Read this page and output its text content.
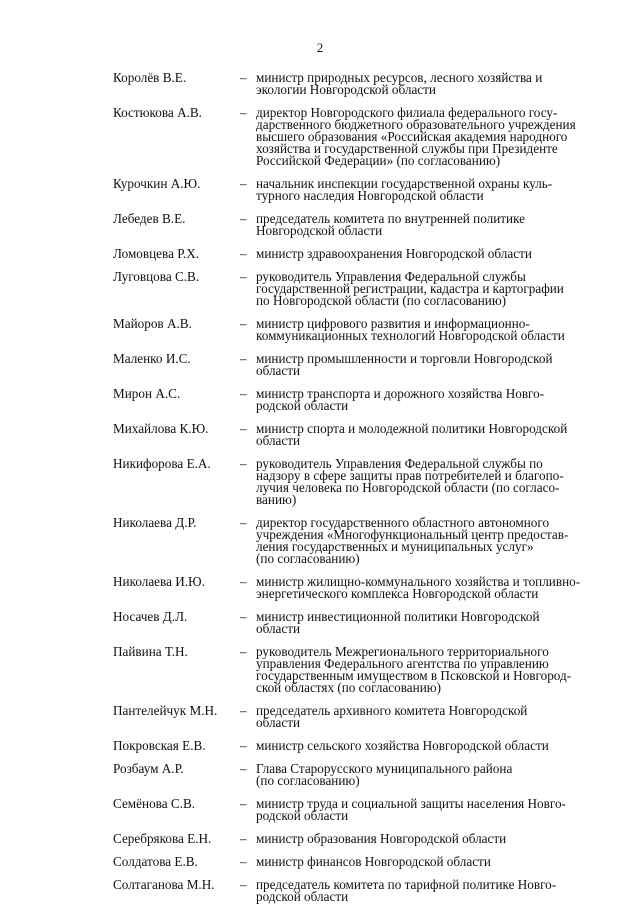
2
Королёв В.Е.	– министр природных ресурсов, лесного хозяйства и
экологии Новгородской области
Костюкова А.В.	– директор Новгородского филиала федерального госу-
дарственного бюджетного образовательного учреждения
высшего образования «Российская академия народного
хозяйства и государственной службы при Президенте
Российской Федерации» (по согласованию)
Курочкин А.Ю.	– начальник инспекции государственной охраны куль-
турного наследия Новгородской области
Лебедев В.Е.	– председатель комитета по внутренней политике
Новгородской области
Ломовцева Р.Х.	– министр здравоохранения Новгородской области
Луговцова С.В.	– руководитель Управления Федеральной службы
государственной регистрации, кадастра и картографии
по Новгородской области (по согласованию)
Майоров А.В.	– министр цифрового развития и информационно-
коммуникационных технологий Новгородской области
Маленко И.С.	– министр промышленности и торговли Новгородской
области
Мирон А.С.	– министр транспорта и дорожного хозяйства Новго-
родской области
Михайлова К.Ю.	– министр спорта и молодежной политики Новгородской
области
Никифорова Е.А.	– руководитель Управления Федеральной службы по
надзору в сфере защиты прав потребителей и благопо-
лучия человека по Новгородской области (по согласо-
ванию)
Николаева Д.Р.	– директор государственного областного автономного
учреждения «Многофункциональный центр предостав-
ления государственных и муниципальных услуг»
(по согласованию)
Николаева И.Ю.	– министр жилищно-коммунального хозяйства и топливно-
энергетического комплекса Новгородской области
Носачев Д.Л.	– министр инвестиционной политики Новгородской
области
Пайвина Т.Н.	– руководитель Межрегионального территориального
управления Федерального агентства по управлению
государственным имуществом в Псковской и Новгород-
ской областях (по согласованию)
Пантелейчук М.Н.	– председатель архивного комитета Новгородской
области
Покровская Е.В.	– министр сельского хозяйства Новгородской области
Розбаум А.Р.	– Глава Старорусского муниципального района
(по согласованию)
Семёнова С.В.	– министр труда и социальной защиты населения Новго-
родской области
Серебрякова Е.Н.	– министр образования Новгородской области
Солдатова Е.В.	– министр финансов Новгородской области
Солтаганова М.Н.	– председатель комитета по тарифной политике Новго-
родской области
